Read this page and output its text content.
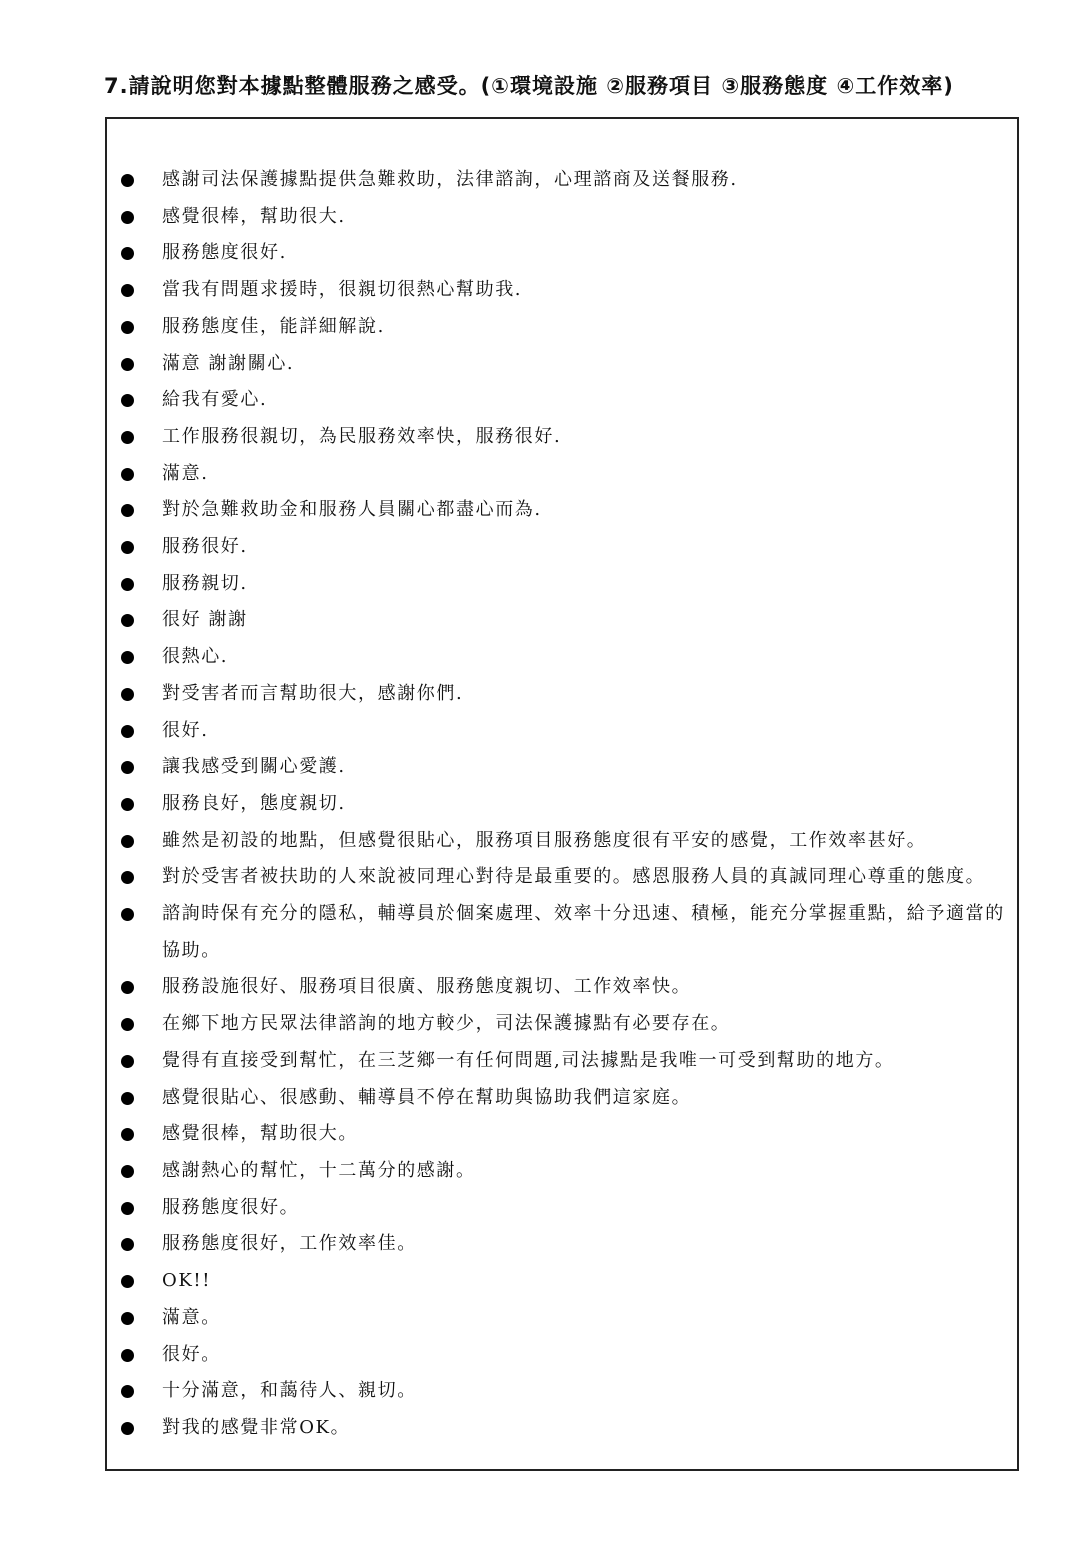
7.請說明您對本據點整體服務之感受。(①環境設施 ②服務項目 ③服務態度 ④工作效率)
感謝司法保護據點提供急難救助，法律諮詢，心理諮商及送餐服務.
感覺很棒，幫助很大.
服務態度很好.
當我有問題求援時，很親切很熱心幫助我.
服務態度佳，能詳細解說.
滿意 謝謝關心.
給我有愛心.
工作服務很親切，為民服務效率快，服務很好.
滿意.
對於急難救助金和服務人員關心都盡心而為.
服務很好.
服務親切.
很好 謝謝
很熱心.
對受害者而言幫助很大，感謝你們.
很好.
讓我感受到關心愛護.
服務良好，態度親切.
雖然是初設的地點，但感覺很貼心，服務項目服務態度很有平安的感覺，工作效率甚好。
對於受害者被扶助的人來說被同理心對待是最重要的。感恩服務人員的真誠同理心尊重的態度。
諮詢時保有充分的隱私，輔導員於個案處理、效率十分迅速、積極，能充分掌握重點，給予適當的協助。
服務設施很好、服務項目很廣、服務態度親切、工作效率快。
在鄉下地方民眾法律諮詢的地方較少，司法保護據點有必要存在。
覺得有直接受到幫忙，在三芝鄉一有任何問題,司法據點是我唯一可受到幫助的地方。
感覺很貼心、很感動、輔導員不停在幫助與協助我們這家庭。
感覺很棒，幫助很大。
感謝熱心的幫忙，十二萬分的感謝。
服務態度很好。
服務態度很好，工作效率佳。
OK!!
滿意。
很好。
十分滿意，和藹待人、親切。
對我的感覺非常OK。
